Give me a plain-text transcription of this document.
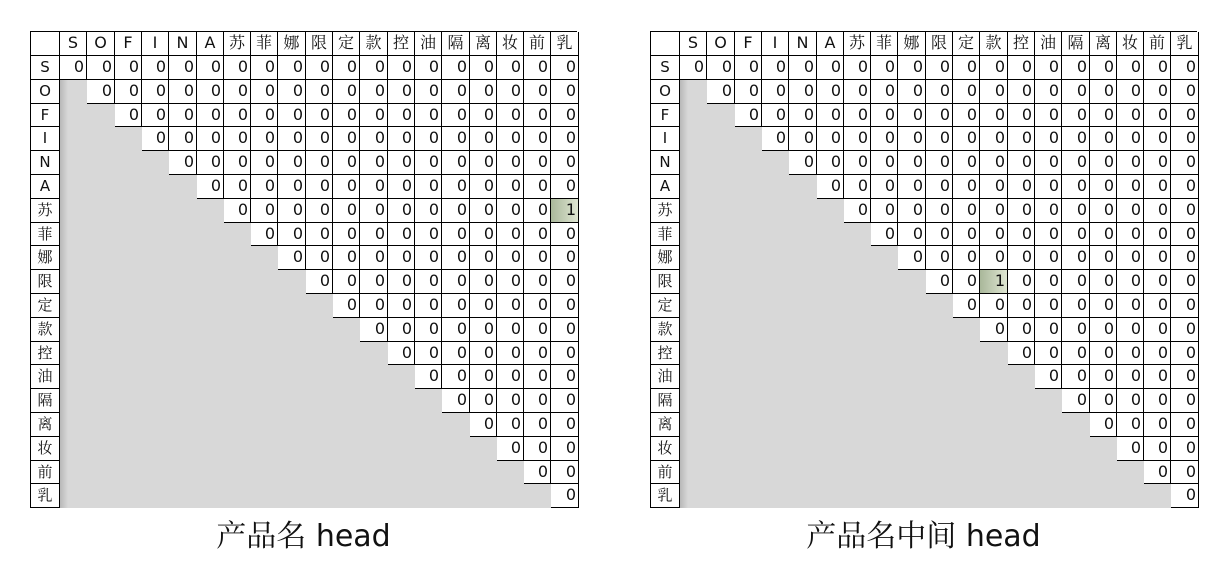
S	O	F	I	N	A 苏 菲 娜 限 定 款 控 油 隔 离 妆 前 乳
S	0	0	0	0	0	0	0	0	0	0	0	0	0	0	0	0	0	0	0
O	0	0	0	0	0	0	0	0	0	0	0	0	0	0	0	0	0	0
F	0	0	0	0	0	0	0	0	0	0	0	0	0	0	0	0	0
I	0	0	0	0	0	0	0	0	0	0	0	0	0	0	0	0
N	0	0	0	0	0	0	0	0	0	0	0	0	0	0	0
A	0	0	0	0	0	0	0	0	0	0	0	0	0	0
苏	0	0	0	0	0	0	0	0	0	0	0	0	1
菲	0	0	0	0	0	0	0	0	0	0	0	0
娜	0	0	0	0	0	0	0	0	0	0	0
限	0	0	0	0	0	0	0	0	0	0
定	0	0	0	0	0	0	0	0	0
款	0	0	0	0	0	0	0	0
控	0	0	0	0	0	0	0
油	0	0	0	0	0	0
隔	0	0	0	0	0
离	0	0	0	0
妆	0	0	0
前	0	0
乳	0
产品名 head
S	O	F	I	N	A 苏 菲 娜 限 定 款 控 油 隔 离 妆 前 乳
S	0	0	0	0	0	0	0	0	0	0	0	0	0	0	0	0	0	0	0
O	0	0	0	0	0	0	0	0	0	0	0	0	0	0	0	0	0	0
F	0	0	0	0	0	0	0	0	0	0	0	0	0	0	0	0	0
I	0	0	0	0	0	0	0	0	0	0	0	0	0	0	0	0
N	0	0	0	0	0	0	0	0	0	0	0	0	0	0	0
A	0	0	0	0	0	0	0	0	0	0	0	0	0	0
苏	0	0	0	0	0	0	0	0	0	0	0	0	0
菲	0	0	0	0	0	0	0	0	0	0	0	0
娜	0	0	0	0	0	0	0	0	0	0	0
限	0	0	1	0	0	0	0	0	0	0
定	0	0	0	0	0	0	0	0	0
款	0	0	0	0	0	0	0	0
控	0	0	0	0	0	0	0
油	0	0	0	0	0	0
隔	0	0	0	0	0
离	0	0	0	0
妆	0	0	0
前	0	0
乳	0
产品名中间 head
